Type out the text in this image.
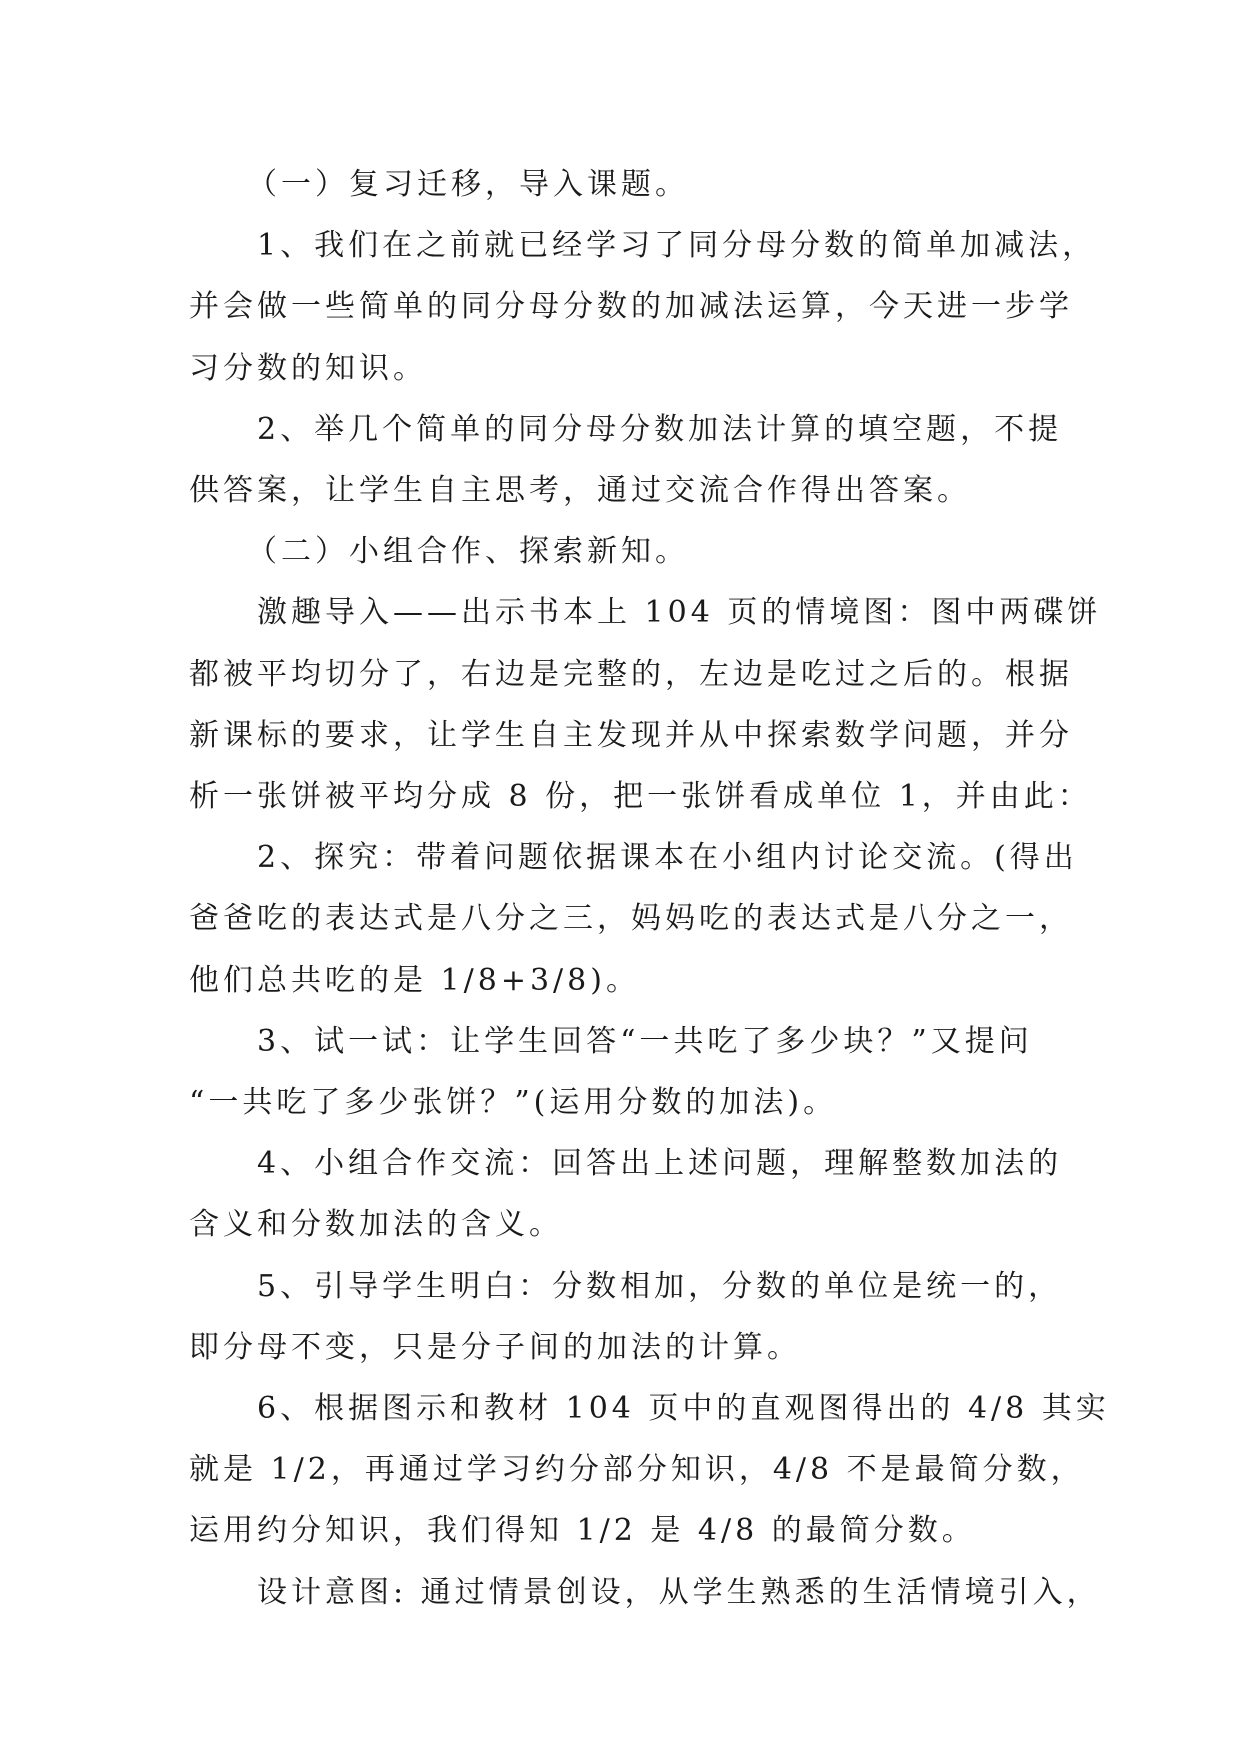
（一）复习迁移，导入课题。
1、我们在之前就已经学习了同分母分数的简单加减法，
并会做一些简单的同分母分数的加减法运算，今天进一步学
习分数的知识。
2、举几个简单的同分母分数加法计算的填空题，不提
供答案，让学生自主思考，通过交流合作得出答案。
（二）小组合作、探索新知。
激趣导入——出示书本上 104 页的情境图：图中两碟饼
都被平均切分了，右边是完整的，左边是吃过之后的。根据
新课标的要求，让学生自主发现并从中探索数学问题，并分
析一张饼被平均分成 8 份，把一张饼看成单位 1，并由此：
2、探究：带着问题依据课本在小组内讨论交流。(得出
爸爸吃的表达式是八分之三，妈妈吃的表达式是八分之一，
他们总共吃的是 1/8+3/8)。
3、试一试：让学生回答“一共吃了多少块？”又提问
“一共吃了多少张饼？”(运用分数的加法)。
4、小组合作交流：回答出上述问题，理解整数加法的
含义和分数加法的含义。
5、引导学生明白：分数相加，分数的单位是统一的，
即分母不变，只是分子间的加法的计算。
6、根据图示和教材 104 页中的直观图得出的 4/8 其实
就是 1/2，再通过学习约分部分知识，4/8 不是最简分数，
运用约分知识，我们得知 1/2 是 4/8 的最简分数。
设计意图: 通过情景创设，从学生熟悉的生活情境引入，
